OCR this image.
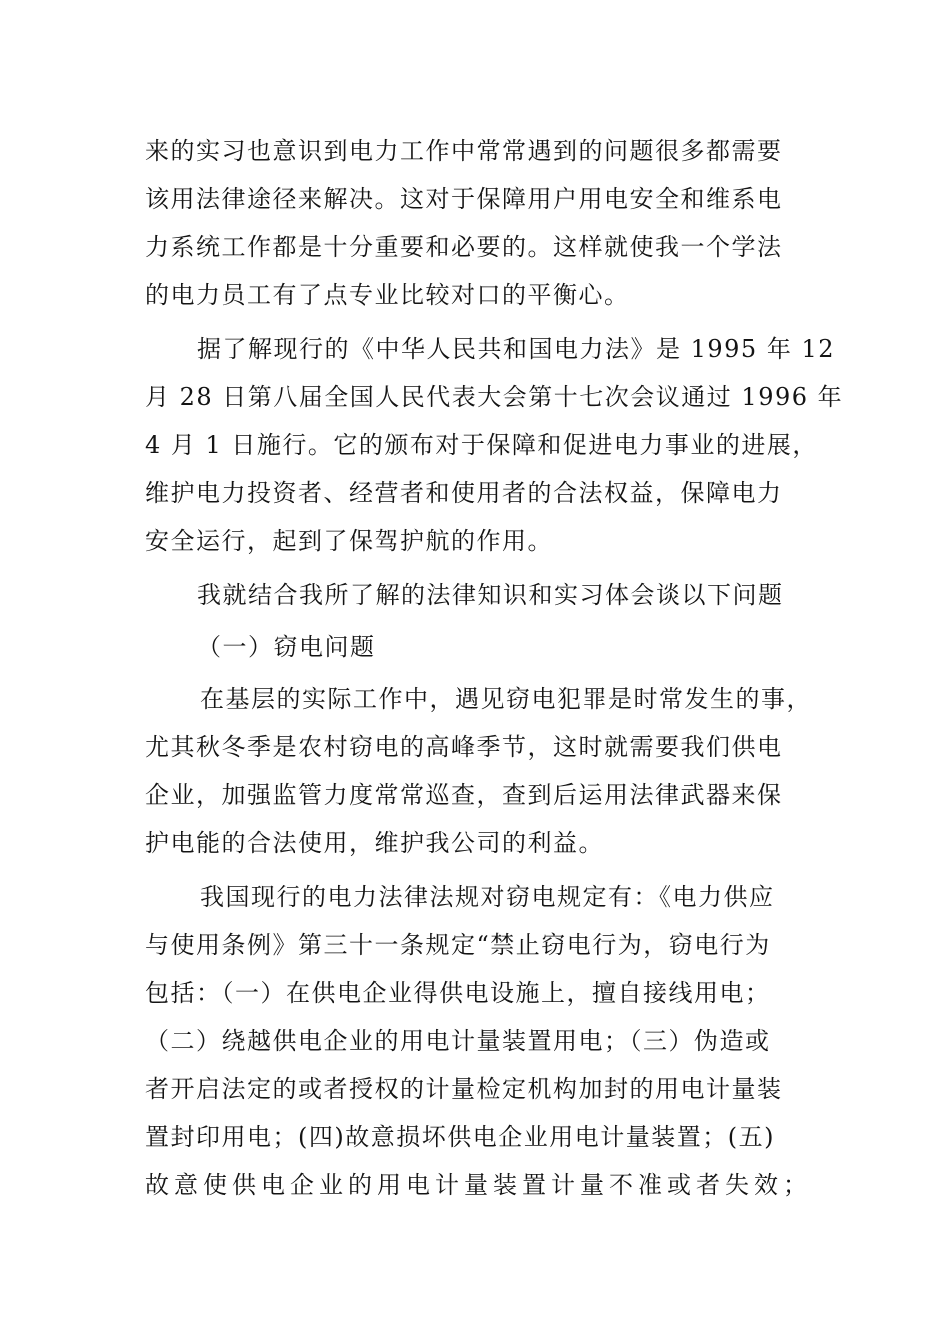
来的实习也意识到电力工作中常常遇到的问题很多都需要
该用法律途径来解决。这对于保障用户用电安全和维系电
力系统工作都是十分重要和必要的。这样就使我一个学法
的电力员工有了点专业比较对口的平衡心。
据了解现行的《中华人民共和国电力法》是 1995 年 12
月 28 日第八届全国人民代表大会第十七次会议通过 1996 年
4 月 1 日施行。它的颁布对于保障和促进电力事业的进展，
维护电力投资者、经营者和使用者的合法权益，保障电力
安全运行，起到了保驾护航的作用。
我就结合我所了解的法律知识和实习体会谈以下问题
（一）窃电问题
在基层的实际工作中，遇见窃电犯罪是时常发生的事，
尤其秋冬季是农村窃电的高峰季节，这时就需要我们供电
企业，加强监管力度常常巡查，查到后运用法律武器来保
护电能的合法使用，维护我公司的利益。
我国现行的电力法律法规对窃电规定有：《电力供应
与使用条例》第三十一条规定“禁止窃电行为，窃电行为
包括：（一）在供电企业得供电设施上，擅自接线用电；
（二）绕越供电企业的用电计量装置用电；（三）伪造或
者开启法定的或者授权的计量检定机构加封的用电计量装
置封印用电；(四)故意损坏供电企业用电计量装置；(五)
故意使供电企业的用电计量装置计量不准或者失效；
